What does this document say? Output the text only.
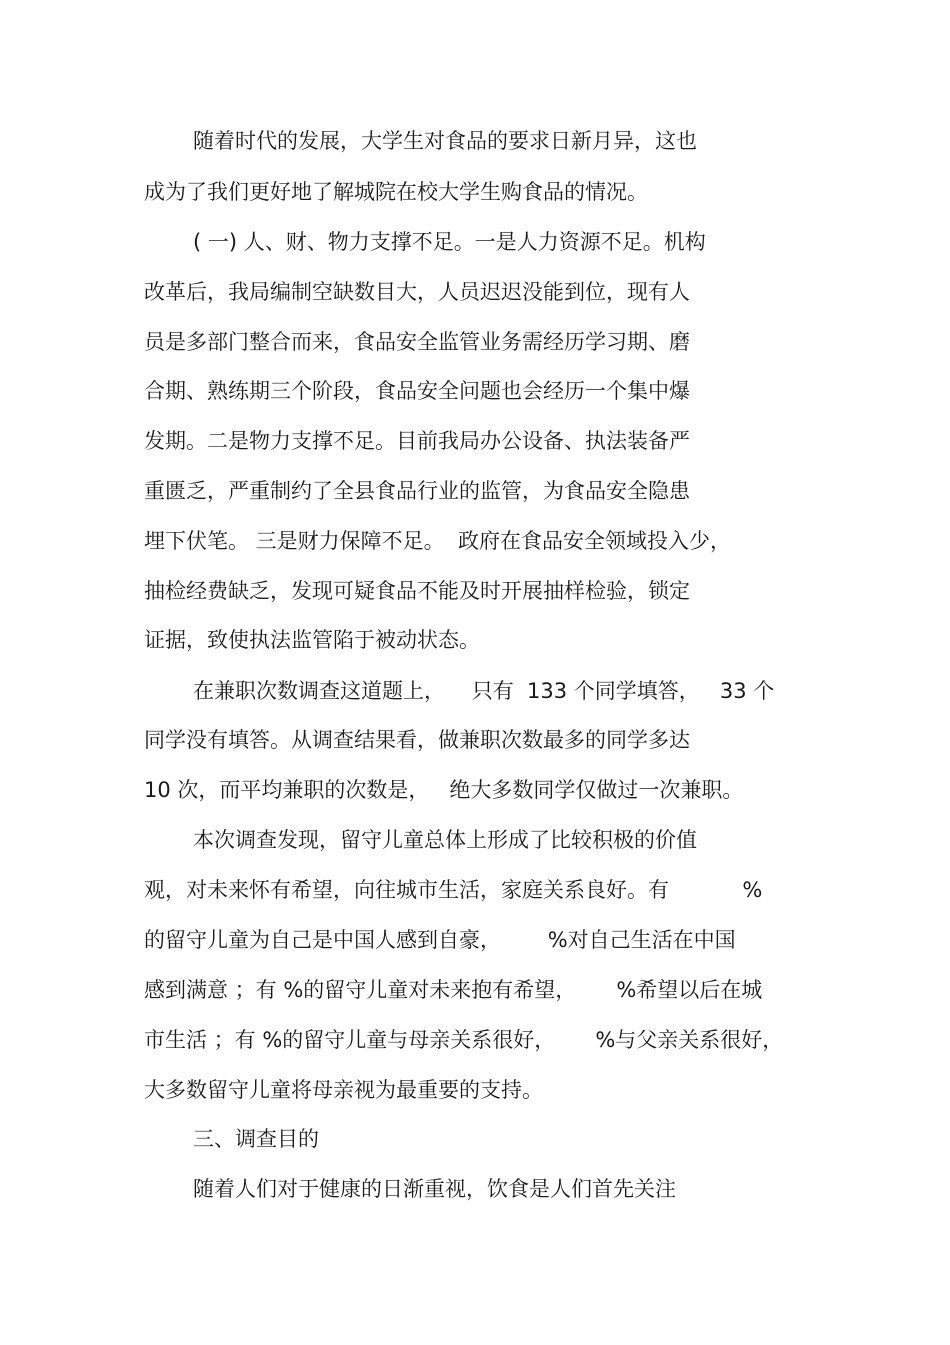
随着时代的发展，大学生对食品的要求日新月异，这也

成为了我们更好地了解城院在校大学生购食品的情况。

( 一) 人、财、物力支撑不足。一是人力资源不足。机构

改革后，我局编制空缺数目大，人员迟迟没能到位，现有人

员是多部门整合而来，食品安全监管业务需经历学习期、磨

合期、熟练期三个阶段，食品安全问题也会经历一个集中爆

发期。二是物力支撑不足。目前我局办公设备、执法装备严

重匮乏，严重制约了全县食品行业的监管，为食品安全隐患

埋下伏笔。 三是财力保障不足。  政府在食品安全领域投入少，

抽检经费缺乏，发现可疑食品不能及时开展抽样检验，锁定

证据，致使执法监管陷于被动状态。

在兼职次数调查这道题上，    只有  133 个同学填答，   33 个

同学没有填答。从调查结果看，做兼职次数最多的同学多达

10 次，而平均兼职的次数是，   绝大多数同学仅做过一次兼职。

本次调查发现，留守儿童总体上形成了比较积极的价值

观，对未来怀有希望，向往城市生活，家庭关系良好。有           %

的留守儿童为自己是中国人感到自豪，       %对自己生活在中国

感到满意 ；有 %的留守儿童对未来抱有希望，      %希望以后在城

市生活 ；有 %的留守儿童与母亲关系很好，      %与父亲关系很好，

大多数留守儿童将母亲视为最重要的支持。

三、调查目的

随着人们对于健康的日渐重视，饮食是人们首先关注
